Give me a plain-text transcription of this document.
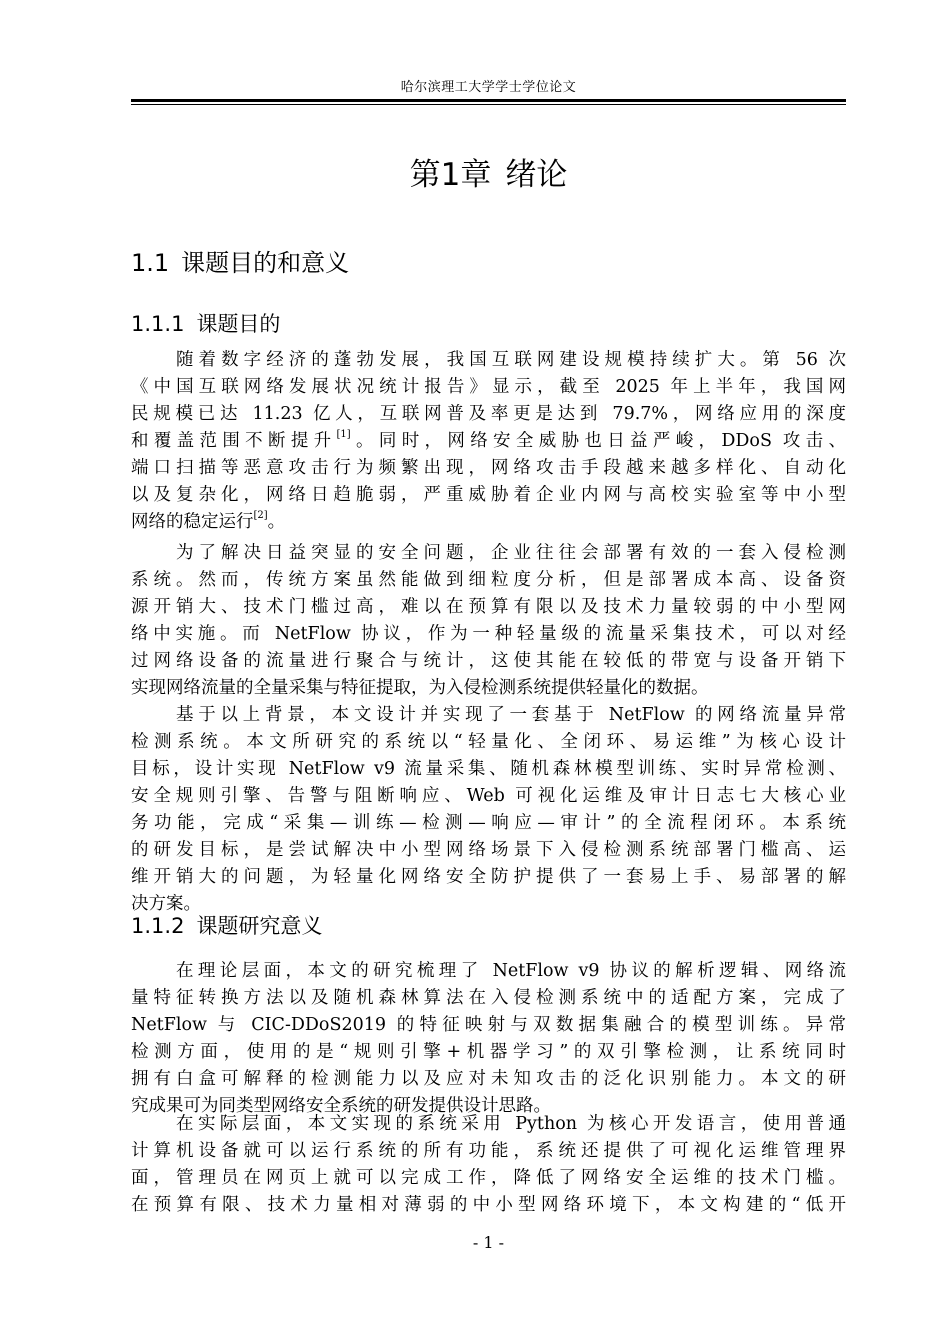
哈尔滨理工大学学士学位论文
第1章 绪论
1.1 课题目的和意义
1.1.1 课题目的
随着数字经济的蓬勃发展，我国互联网建设规模持续扩大。第 56 次
《中国互联网络发展状况统计报告》显示，截至 2025 年上半年，我国网
民规模已达 11.23 亿人，互联网普及率更是达到 79.7%，网络应用的深度
和覆盖范围不断提升[1]。同时，网络安全威胁也日益严峻，DDoS 攻击、
端口扫描等恶意攻击行为频繁出现，网络攻击手段越来越多样化、自动化
以及复杂化，网络日趋脆弱，严重威胁着企业内网与高校实验室等中小型
网络的稳定运行[2]。
为了解决日益突显的安全问题，企业往往会部署有效的一套入侵检测
系统。然而，传统方案虽然能做到细粒度分析，但是部署成本高、设备资
源开销大、技术门槛过高，难以在预算有限以及技术力量较弱的中小型网
络中实施。而 NetFlow 协议，作为一种轻量级的流量采集技术，可以对经
过网络设备的流量进行聚合与统计，这使其能在较低的带宽与设备开销下
实现网络流量的全量采集与特征提取，为入侵检测系统提供轻量化的数据。
基于以上背景，本文设计并实现了一套基于 NetFlow 的网络流量异常
检测系统。本文所研究的系统以“轻量化、全闭环、易运维”为核心设计
目标，设计实现 NetFlow v9 流量采集、随机森林模型训练、实时异常检测、
安全规则引擎、告警与阻断响应、Web 可视化运维及审计日志七大核心业
务功能，完成“采集—训练—检测—响应—审计”的全流程闭环。本系统
的研发目标，是尝试解决中小型网络场景下入侵检测系统部署门槛高、运
维开销大的问题，为轻量化网络安全防护提供了一套易上手、易部署的解
决方案。
1.1.2 课题研究意义
在理论层面，本文的研究梳理了 NetFlow v9 协议的解析逻辑、网络流
量特征转换方法以及随机森林算法在入侵检测系统中的适配方案，完成了
NetFlow 与 CIC-DDoS2019 的特征映射与双数据集融合的模型训练。异常
检测方面，使用的是“规则引擎+机器学习”的双引擎检测，让系统同时
拥有白盒可解释的检测能力以及应对未知攻击的泛化识别能力。本文的研
究成果可为同类型网络安全系统的研发提供设计思路。
在实际层面，本文实现的系统采用 Python 为核心开发语言，使用普通
计算机设备就可以运行系统的所有功能，系统还提供了可视化运维管理界
面，管理员在网页上就可以完成工作，降低了网络安全运维的技术门槛。
在预算有限、技术力量相对薄弱的中小型网络环境下，本文构建的“低开
- 1 -
